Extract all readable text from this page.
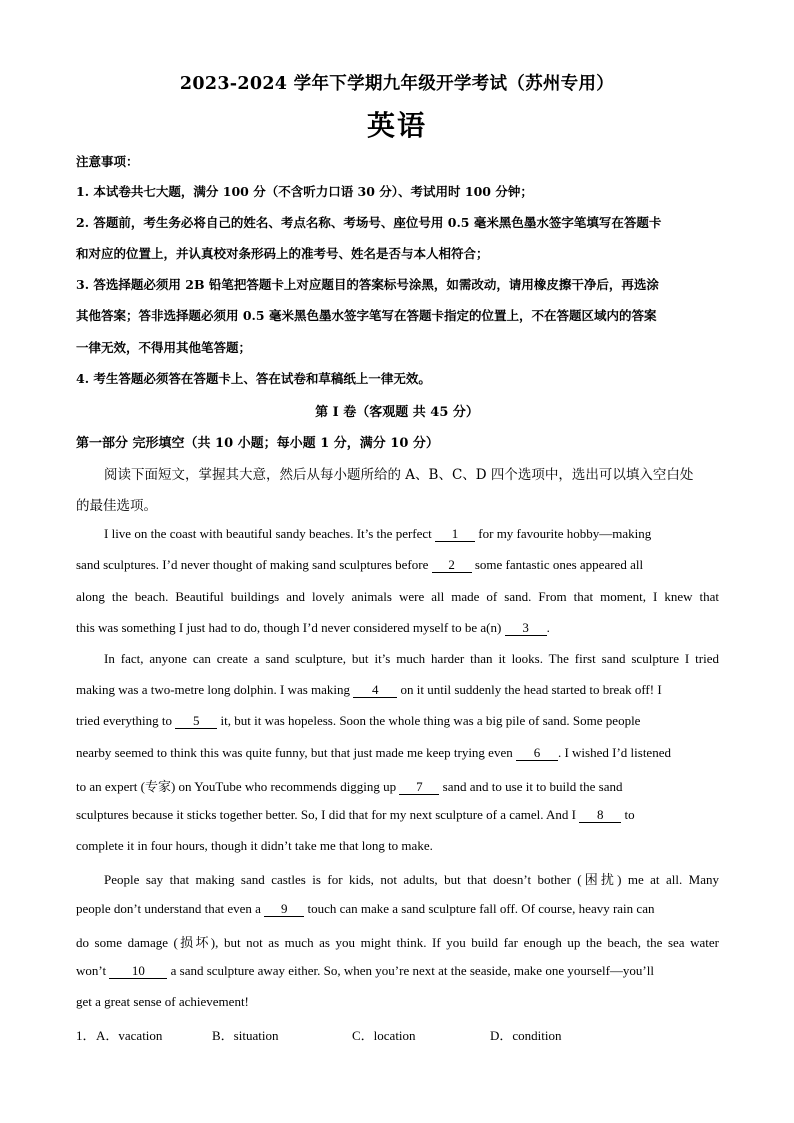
2023-2024 学年下学期九年级开学考试（苏州专用）
英语
注意事项：
1. 本试卷共七大题，满分 100 分（不含听力口语 30 分）、考试用时 100 分钟；
2. 答题前，考生务必将自己的姓名、考点名称、考场号、座位号用 0.5 毫米黑色墨水签字笔填写在答题卡
和对应的位置上，并认真校对条形码上的准考号、姓名是否与本人相符合；
3. 答选择题必须用 2B 铅笔把答题卡上对应题目的答案标号涂黑，如需改动，请用橡皮擦干净后，再选涂
其他答案；答非选择题必须用 0.5 毫米黑色墨水签字笔写在答题卡指定的位置上，不在答题区域内的答案
一律无效，不得用其他笔答题；
4. 考生答题必须答在答题卡上、答在试卷和草稿纸上一律无效。
第 I 卷（客观题 共 45 分）
第一部分 完形填空（共 10 小题；每小题 1 分，满分 10 分）
阅读下面短文，掌握其大意，然后从每小题所给的 A、B、C、D 四个选项中，选出可以填入空白处
的最佳选项。
I live on the coast with beautiful sandy beaches. It’s the perfect 1 for my favourite hobby—making
sand sculptures. I’d never thought of making sand sculptures before 2 some fantastic ones appeared all
along the beach. Beautiful buildings and lovely animals were all made of sand. From that moment, I knew that
this was something I just had to do, though I’d never considered myself to be a(n) 3 .
In fact, anyone can create a sand sculpture, but it’s much harder than it looks. The first sand sculpture I tried
making was a two-metre long dolphin. I was making 4 on it until suddenly the head started to break off! I
tried everything to 5 it, but it was hopeless. Soon the whole thing was a big pile of sand. Some people
nearby seemed to think this was quite funny, but that just made me keep trying even 6 . I wished I’d listened
to an expert (专家) on YouTube who recommends digging up 7 sand and to use it to build the sand
sculptures because it sticks together better. So, I did that for my next sculpture of a camel. And I 8 to
complete it in four hours, though it didn’t take me that long to make.
People say that making sand castles is for kids, not adults, but that doesn’t bother (困扰) me at all. Many
people don’t understand that even a 9 touch can make a sand sculpture fall off. Of course, heavy rain can
do some damage (损坏), but not as much as you might think. If you build far enough up the beach, the sea water
won’t 10 a sand sculpture away either. So, when you’re next at the seaside, make one yourself—you’ll
get a great sense of achievement!
1． A．vacation	B．situation	C．location	D．condition
